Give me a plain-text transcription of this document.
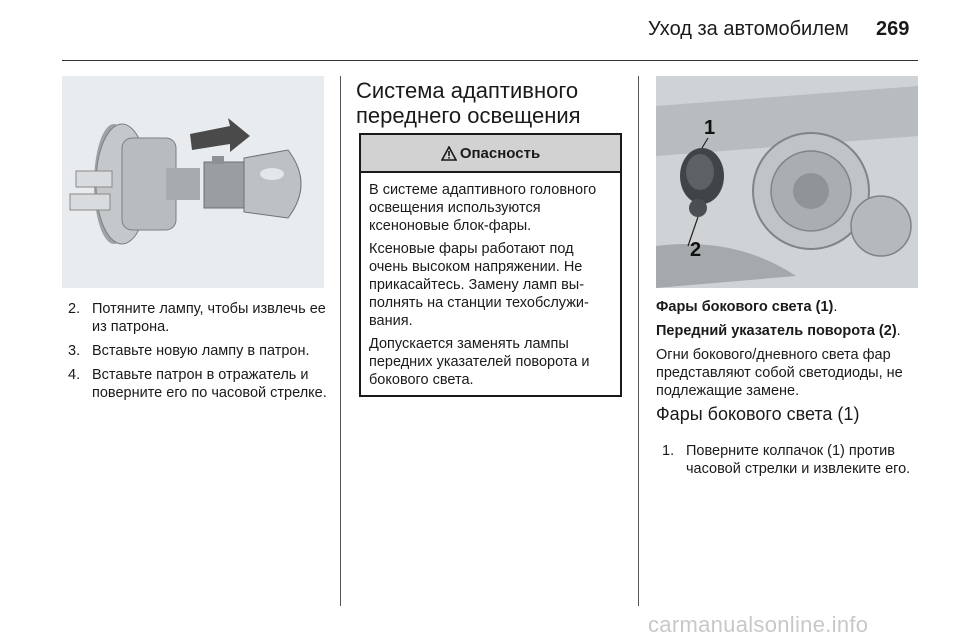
Уход за автомобилем 269
2. Потяните лампу, чтобы извлечь ее из патрона.
3. Вставьте новую лампу в патрон.
4. Вставьте патрон в отражатель и поверните его по часовой стрелке.
Система адаптивного переднего освещения
Опасность

В системе адаптивного головного освещения используются ксеноновые блок-фары.

Ксеновые фары работают под очень высоком напряжении. Не прикасайтесь. Замену ламп выполнять на станции техобслуживания.

Допускается заменять лампы передних указателей поворота и бокового света.

1
2
Фары бокового света (1).
Передний указатель поворота (2).
Огни бокового/дневного света фар представляют собой светодиоды, не подлежащие замене.
Фары бокового света (1)
1. Поверните колпачок (1) против часовой стрелки и извлеките его.
carmanualsonline.info
